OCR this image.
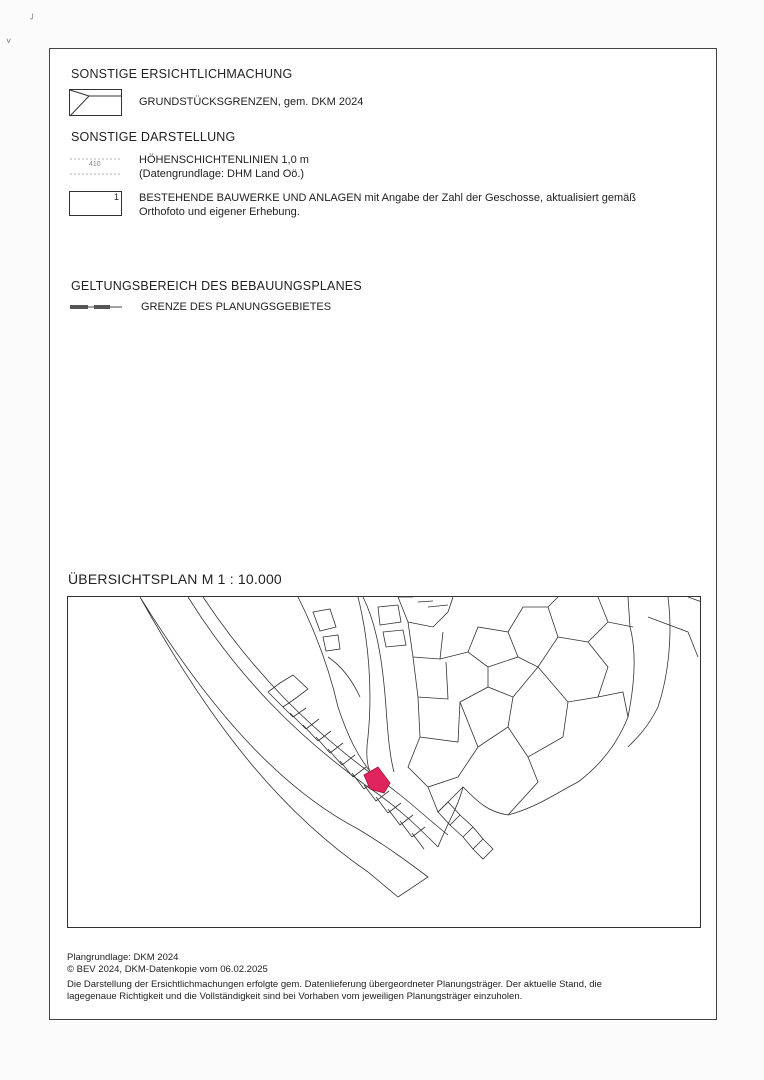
╯
˅
SONSTIGE ERSICHTLICHMACHUNG
GRUNDSTÜCKSGRENZEN, gem. DKM 2024
SONSTIGE DARSTELLUNG
410	HÖHENSCHICHTENLINIEN 1,0 m
(Datengrundlage: DHM Land Oö.)
1 BESTEHENDE BAUWERKE UND ANLAGEN mit Angabe der Zahl der Geschosse, aktualisiert gemäß
Orthofoto und eigener Erhebung.
GELTUNGSBEREICH DES BEBAUUNGSPLANES
GRENZE DES PLANUNGSGEBIETES
ÜBERSICHTSPLAN M 1 : 10.000
Plangrundlage: DKM 2024
© BEV 2024, DKM-Datenkopie vom 06.02.2025
Die Darstellung der Ersichtlichmachungen erfolgte gem. Datenlieferung übergeordneter Planungsträger. Der aktuelle Stand, die
lagegenaue Richtigkeit und die Vollständigkeit sind bei Vorhaben vom jeweiligen Planungsträger einzuholen.
